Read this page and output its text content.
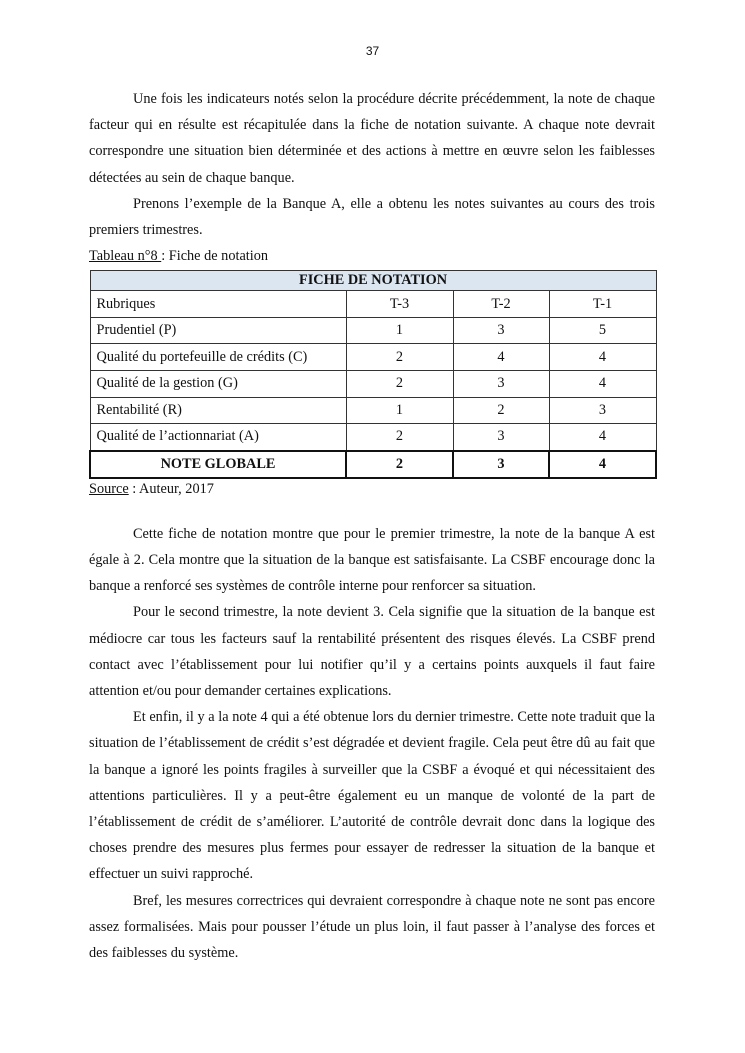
37

Une fois les indicateurs notés selon la procédure décrite précédemment, la note de chaque facteur qui en résulte est récapitulée dans la fiche de notation suivante. A chaque note devrait correspondre une situation bien déterminée et des actions à mettre en œuvre selon les faiblesses détectées au sein de chaque banque.

Prenons l’exemple de la Banque A, elle a obtenu les notes suivantes au cours des trois premiers trimestres.

Tableau n°8 : Fiche de notation

FICHE DE NOTATION			
Rubriques	T-3	T-2	T-1
Prudentiel (P)	1	3	5
Qualité du portefeuille de crédits (C)	2	4	4
Qualité de la gestion (G)	2	3	4
Rentabilité (R)	1	2	3
Qualité de l’actionnariat (A)	2	3	4
NOTE GLOBALE	2	3	4

Source : Auteur, 2017

Cette fiche de notation montre que pour le premier trimestre, la note de la banque A est égale à 2. Cela montre que la situation de la banque est satisfaisante. La CSBF encourage donc la banque a renforcé ses systèmes de contrôle interne pour renforcer sa situation.

Pour le second trimestre, la note devient 3. Cela signifie que la situation de la banque est médiocre car tous les facteurs sauf la rentabilité présentent des risques élevés. La CSBF prend contact avec l’établissement pour lui notifier qu’il y a certains points auxquels il faut faire attention et/ou pour demander certaines explications.

Et enfin, il y a la note 4 qui a été obtenue lors du dernier trimestre. Cette note traduit que la situation de l’établissement de crédit s’est dégradée et devient fragile. Cela peut être dû au fait que la banque a ignoré les points fragiles à surveiller que la CSBF a évoqué et qui nécessitaient des attentions particulières. Il y a peut-être également eu un manque de volonté de la part de l’établissement de crédit de s’améliorer. L’autorité de contrôle devrait donc dans la logique des choses prendre des mesures plus fermes pour essayer de redresser la situation de la banque et effectuer un suivi rapproché.

Bref, les mesures correctrices qui devraient correspondre à chaque note ne sont pas encore assez formalisées. Mais pour pousser l’étude un plus loin, il faut passer à l’analyse des forces et des faiblesses du système.
